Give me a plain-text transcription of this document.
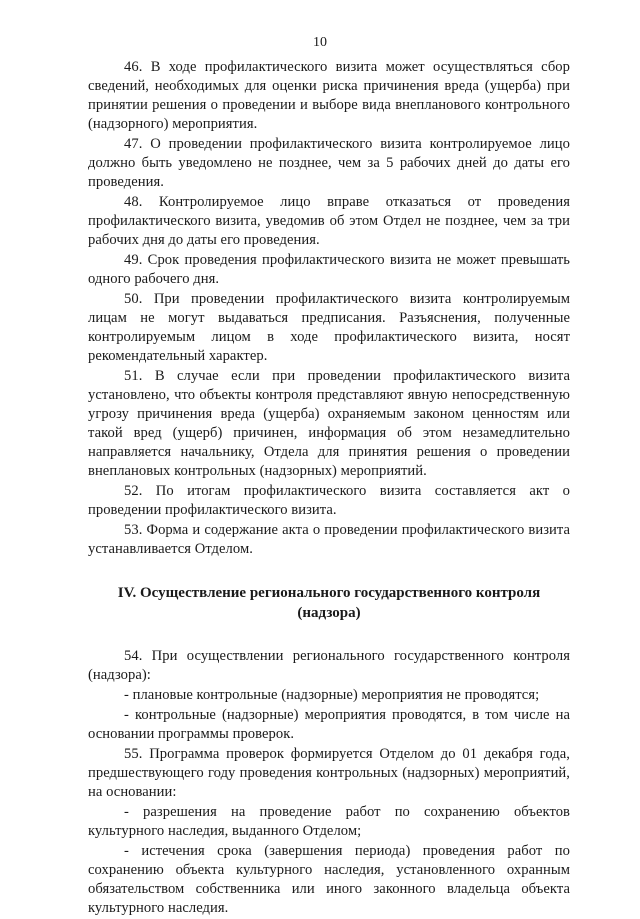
10

46. В ходе профилактического визита может осуществляться сбор сведений, необходимых для оценки риска причинения вреда (ущерба) при принятии решения о проведении и выборе вида внепланового контрольного (надзорного) мероприятия.

47. О проведении профилактического визита контролируемое лицо должно быть уведомлено не позднее, чем за 5 рабочих дней до даты его проведения.

48. Контролируемое лицо вправе отказаться от проведения профилактического визита, уведомив об этом Отдел не позднее, чем за три рабочих дня до даты его проведения.

49. Срок проведения профилактического визита не может превышать одного рабочего дня.

50. При проведении профилактического визита контролируемым лицам не могут выдаваться предписания. Разъяснения, полученные контролируемым лицом в ходе профилактического визита, носят рекомендательный характер.

51. В случае если при проведении профилактического визита установлено, что объекты контроля представляют явную непосредственную угрозу причинения вреда (ущерба) охраняемым законом ценностям или такой вред (ущерб) причинен, информация об этом незамедлительно направляется начальнику, Отдела для принятия решения о проведении внеплановых контрольных (надзорных) мероприятий.

52. По итогам профилактического визита составляется акт о проведении профилактического визита.

53. Форма и содержание акта о проведении профилактического визита устанавливается Отделом.

IV. Осуществление регионального государственного контроля (надзора)

54. При осуществлении регионального государственного контроля (надзора):

- плановые контрольные (надзорные) мероприятия не проводятся;

- контрольные (надзорные) мероприятия проводятся, в том числе на основании программы проверок.

55. Программа проверок формируется Отделом до 01 декабря года, предшествующего году проведения контрольных (надзорных) мероприятий, на основании:

- разрешения на проведение работ по сохранению объектов культурного наследия, выданного Отделом;

- истечения срока (завершения периода) проведения работ по сохранению объекта культурного наследия, установленного охранным обязательством собственника или иного законного владельца объекта культурного наследия.
